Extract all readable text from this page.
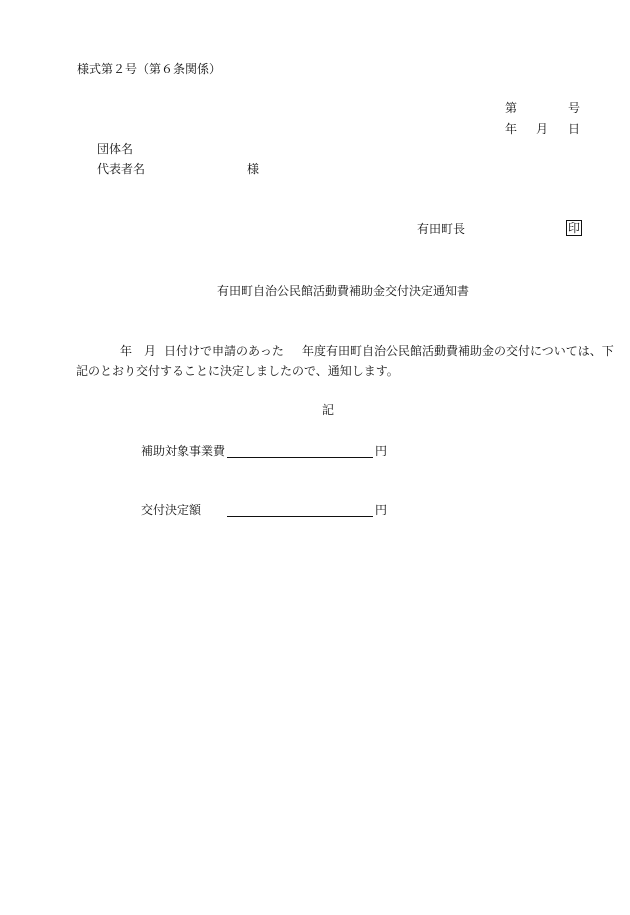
様式第２号（第６条関係）
第	号
年 月 日
団体名
代表者名	様
有田町長	印
有田町自治公民館活動費補助金交付決定通知書
年 月 日付けで申請のあった 年度有田町自治公民館活動費補助金の交付については、下
記のとおり交付することに決定しましたので、通知します。
記
補助対象事業費	円
交付決定額	円
